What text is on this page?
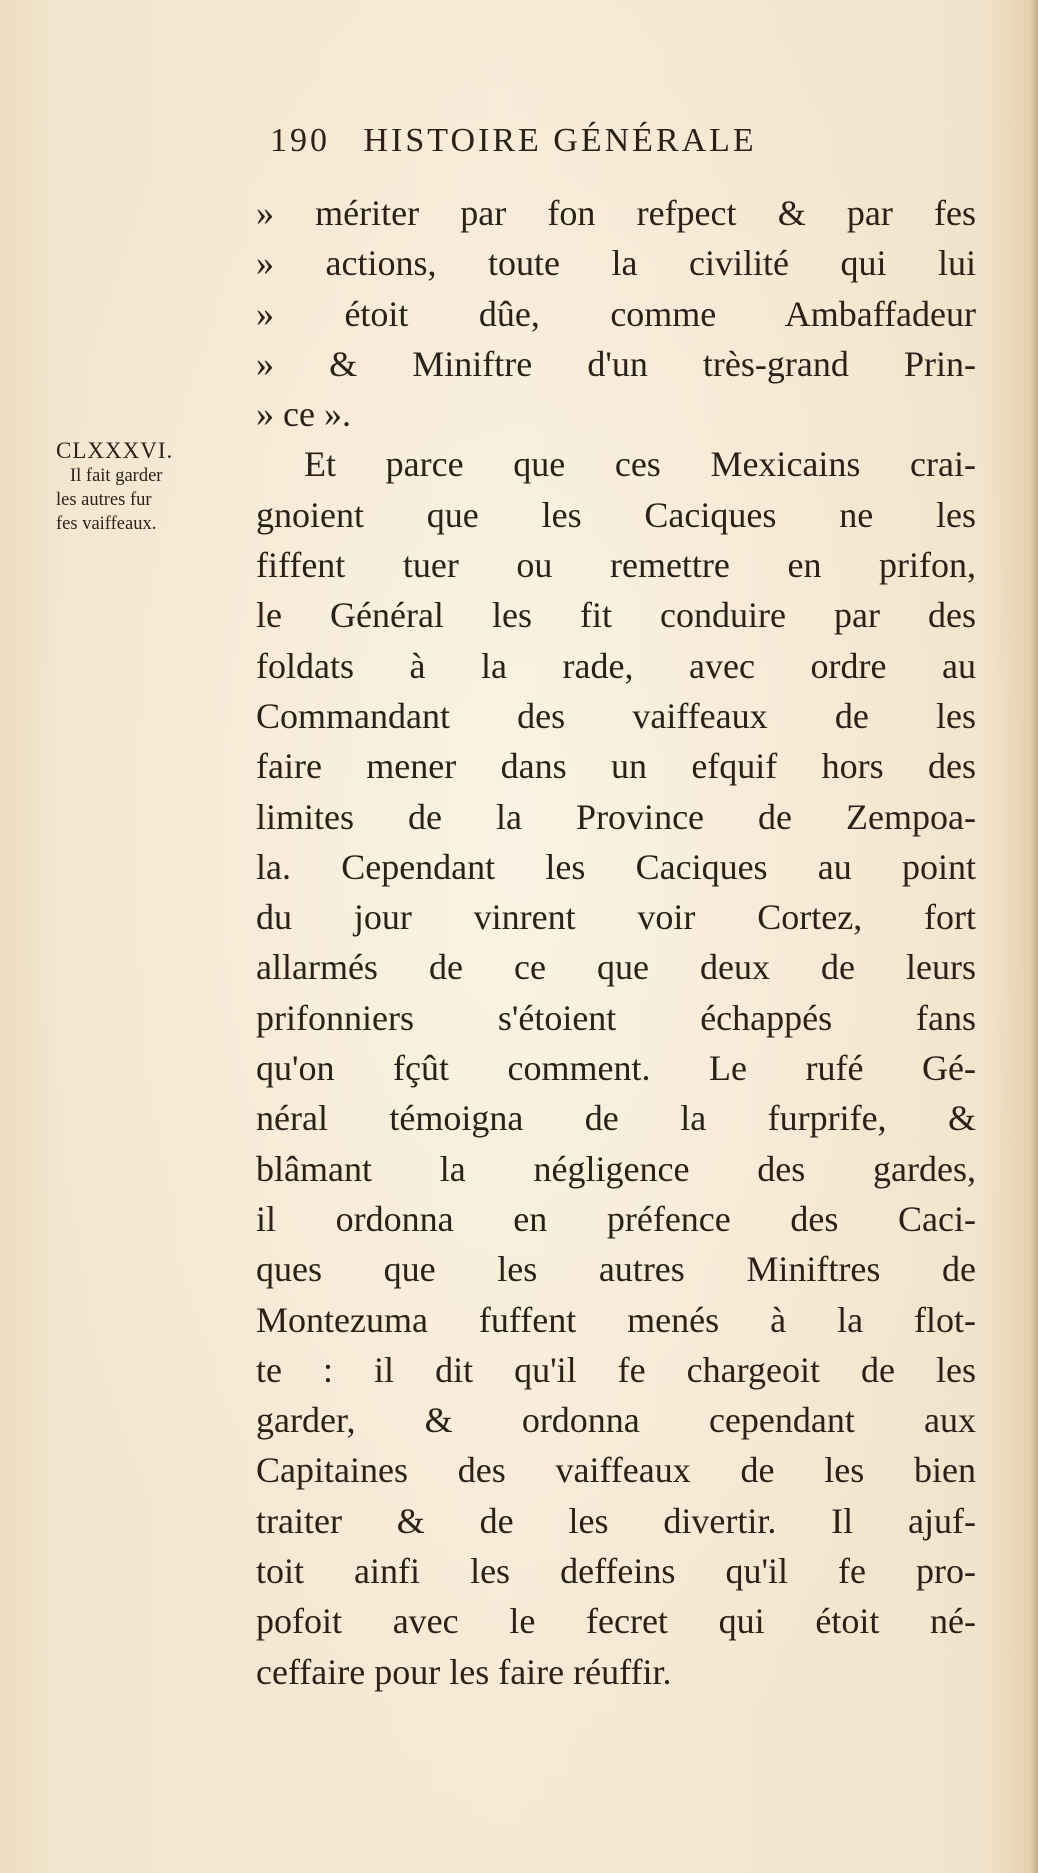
190 HISTOIRE GÉNÉRALE
CLXXXVI.
Il fait garder
les autres fur
fes vaiffeaux.
» mériter par fon refpect & par fes
» actions, toute la civilité qui lui
» étoit dûe, comme Ambaffadeur
» & Miniftre d'un très-grand Prin-
» ce ».
Et parce que ces Mexicains crai-
gnoient que les Caciques ne les
fiffent tuer ou remettre en prifon,
le Général les fit conduire par des
foldats à la rade, avec ordre au
Commandant des vaiffeaux de les
faire mener dans un efquif hors des
limites de la Province de Zempoa-
la. Cependant les Caciques au point
du jour vinrent voir Cortez, fort
allarmés de ce que deux de leurs
prifonniers s'étoient échappés fans
qu'on fçût comment. Le rufé Gé-
néral témoigna de la furprife, &
blâmant la négligence des gardes,
il ordonna en préfence des Caci-
ques que les autres Miniftres de
Montezuma fuffent menés à la flot-
te : il dit qu'il fe chargeoit de les
garder, & ordonna cependant aux
Capitaines des vaiffeaux de les bien
traiter & de les divertir. Il ajuf-
toit ainfi les deffeins qu'il fe pro-
pofoit avec le fecret qui étoit né-
ceffaire pour les faire réuffir.
